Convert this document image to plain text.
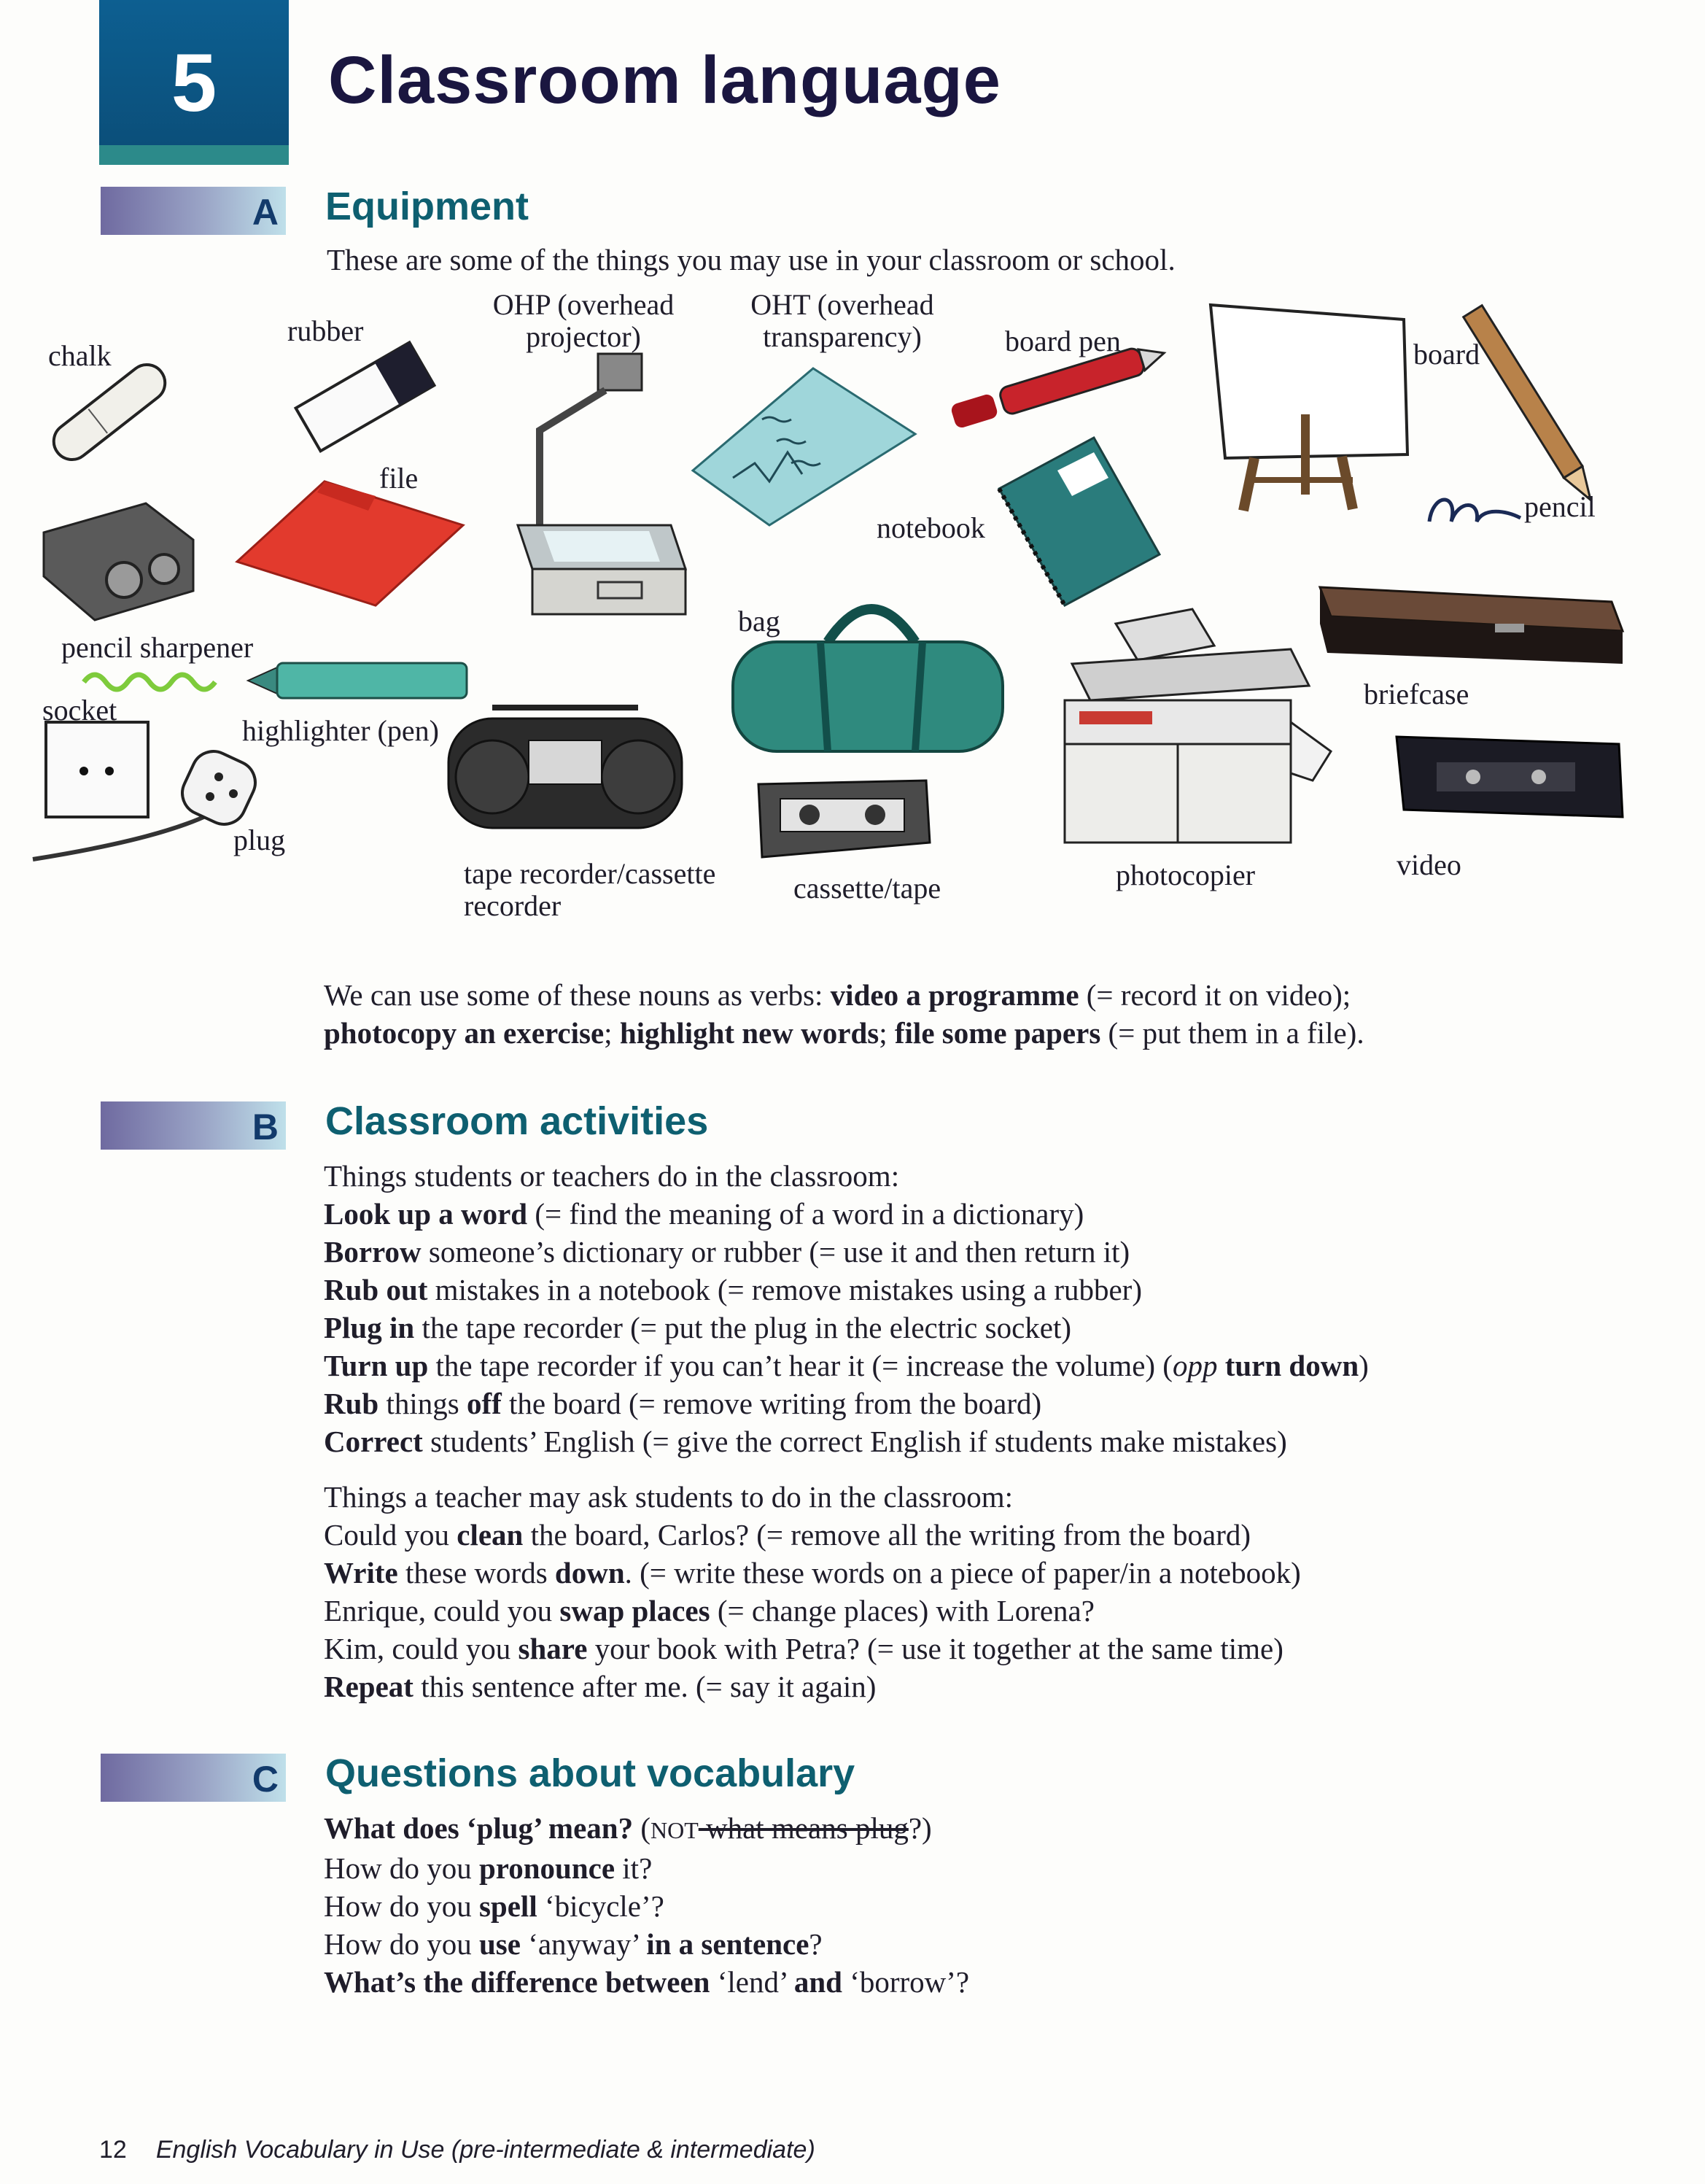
5 Classroom language
A Equipment
These are some of the things you may use in your classroom or school.
chalk
rubber
OHP (overhead
projector)
OHT (overhead
transparency)	board pen	board
pencil
file
notebook
pencil sharpener
bag
briefcase
socket
highlighter (pen)
plug
tape recorder/cassette
recorder
cassette/tape	photocopier	video

We can use some of these nouns as verbs: video a programme (= record it on video);

photocopy an exercise; highlight new words; file some papers (= put them in a file).

B Classroom activities

Things students or teachers do in the classroom:

Look up a word (= find the meaning of a word in a dictionary)

Borrow someone’s dictionary or rubber (= use it and then return it)

Rub out mistakes in a notebook (= remove mistakes using a rubber)

Plug in the tape recorder (= put the plug in the electric socket)

Turn up the tape recorder if you can’t hear it (= increase the volume) (opp turn down)

Rub things off the board (= remove writing from the board)

Correct students’ English (= give the correct English if students make mistakes)

Things a teacher may ask students to do in the classroom:

Could you clean the board, Carlos? (= remove all the writing from the board)

Write these words down. (= write these words on a piece of paper/in a notebook)

Enrique, could you swap places (= change places) with Lorena?

Kim, could you share your book with Petra? (= use it together at the same time)

Repeat this sentence after me. (= say it again)

C Questions about vocabulary

What does ‘plug’ mean? (NOT what means plug?)

How do you pronounce it?

How do you spell ‘bicycle’?

How do you use ‘anyway’ in a sentence?

What’s the difference between ‘lend’ and ‘borrow’?

12 English Vocabulary in Use (pre-intermediate & intermediate)
